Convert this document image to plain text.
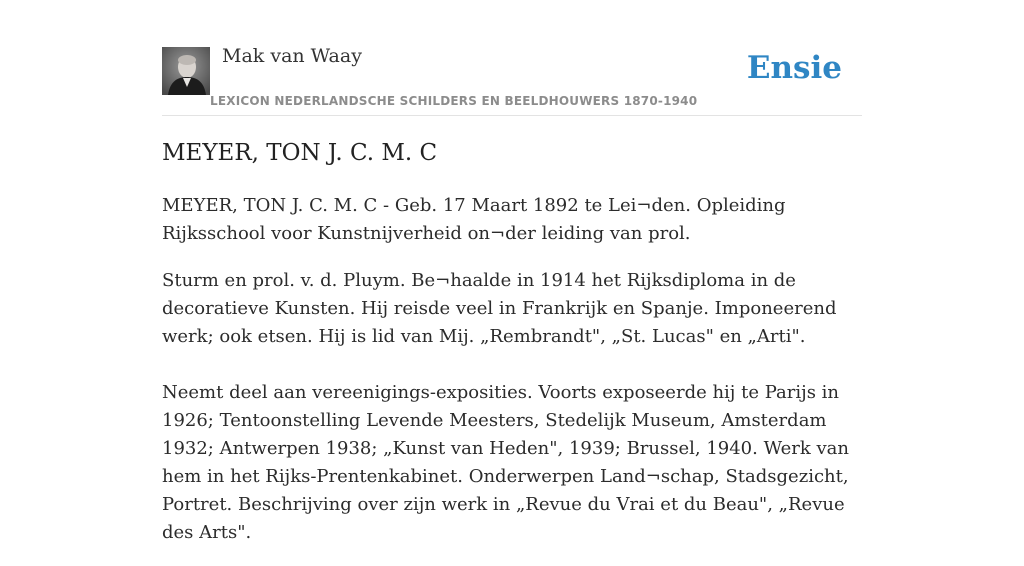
Mak van Waay
LEXICON NEDERLANDSCHE SCHILDERS EN BEELDHOUWERS 1870-1940
Ensie
MEYER, TON J. C. M. C

MEYER, TON J. C. M. C - Geb. 17 Maart 1892 te Lei¬den. Opleiding Rijksschool voor Kunstnijverheid on¬der leiding van prol.

Sturm en prol. v. d. Pluym. Be¬haalde in 1914 het Rijksdiploma in de decoratieve Kunsten. Hij reisde veel in Frankrijk en Spanje. Imponeerend werk; ook etsen. Hij is lid van Mij. „Rembrandt", „St. Lucas" en „Arti".

Neemt deel aan vereenigings-exposities. Voorts exposeerde hij te Parijs in 1926; Tentoonstelling Levende Meesters, Stedelijk Museum, Amsterdam 1932; Antwerpen 1938; „Kunst van Heden", 1939; Brussel, 1940. Werk van hem in het Rijks-Prentenkabinet. Onderwerpen Land¬schap, Stadsgezicht, Portret. Beschrijving over zijn werk in „Revue du Vrai et du Beau", „Revue des Arts".
